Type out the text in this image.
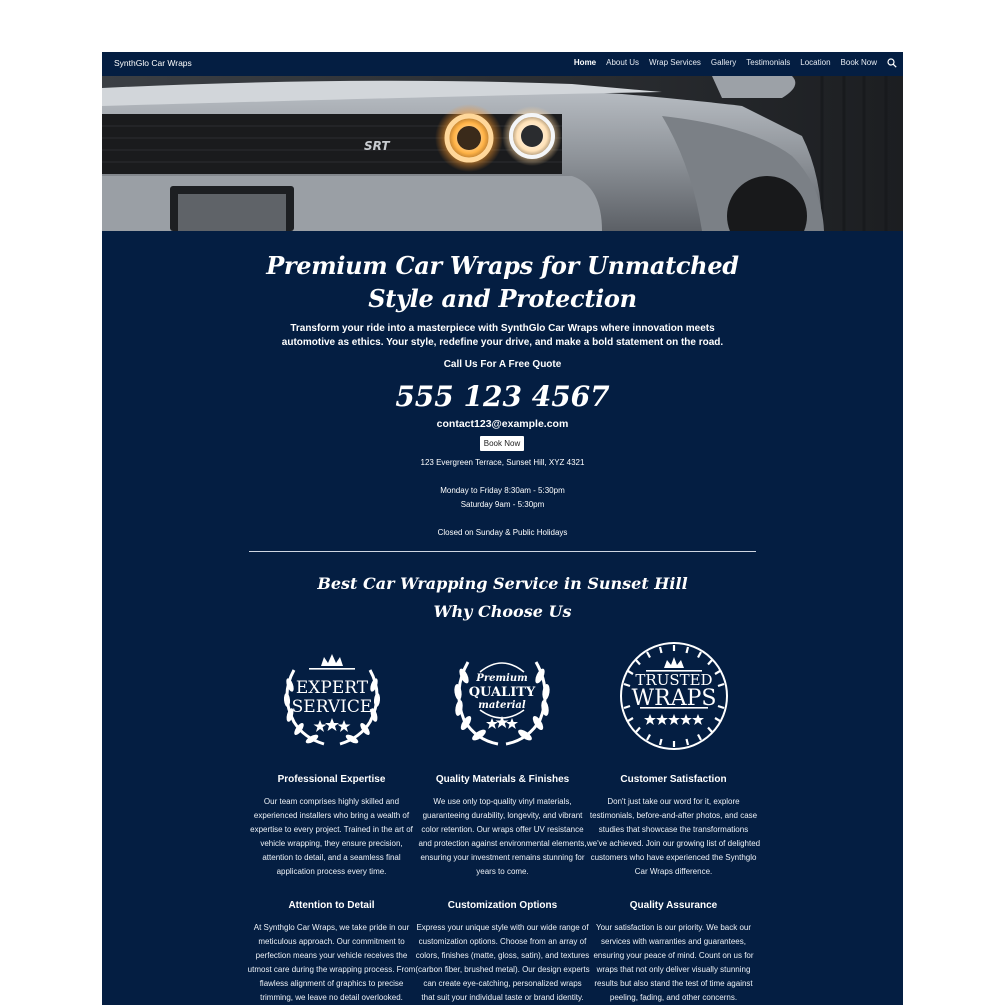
SynthGlo Car Wraps	Home About Us Wrap Services Gallery Testimonials Location Book Now
SRT
Premium Car Wraps for Unmatched
Style and Protection
Transform your ride into a masterpiece with SynthGlo Car Wraps where innovation meets
automotive as ethics. Your style, redefine your drive, and make a bold statement on the road.
Call Us For A Free Quote
555 123 4567
contact123@example.com
Book Now
123 Evergreen Terrace, Sunset Hill, XYZ 4321
Monday to Friday 8:30am - 5:30pm
Saturday 9am - 5:30pm
Closed on Sunday & Public Holidays
Best Car Wrapping Service in Sunset Hill
Why Choose Us
EXPERT
SERVICE
Premium
QUALITY
material
TRUSTED
WRAPS
Professional Expertise
Our team comprises highly skilled and
experienced installers who bring a wealth of
expertise to every project. Trained in the art of
vehicle wrapping, they ensure precision,
attention to detail, and a seamless final
application process every time.
Quality Materials & Finishes
We use only top-quality vinyl materials,
guaranteeing durability, longevity, and vibrant
color retention. Our wraps offer UV resistance
and protection against environmental elements,
ensuring your investment remains stunning for
years to come.
Customer Satisfaction
Don't just take our word for it, explore
testimonials, before-and-after photos, and case
studies that showcase the transformations
we've achieved. Join our growing list of delighted
customers who have experienced the Synthglo
Car Wraps difference.
Attention to Detail
At Synthglo Car Wraps, we take pride in our
meticulous approach. Our commitment to
perfection means your vehicle receives the
utmost care during the wrapping process. From
flawless alignment of graphics to precise
trimming, we leave no detail overlooked.
Customization Options
Express your unique style with our wide range of
customization options. Choose from an array of
colors, finishes (matte, gloss, satin), and textures
(carbon fiber, brushed metal). Our design experts
can create eye-catching, personalized wraps
that suit your individual taste or brand identity.
Quality Assurance
Your satisfaction is our priority. We back our
services with warranties and guarantees,
ensuring your peace of mind. Count on us for
wraps that not only deliver visually stunning
results but also stand the test of time against
peeling, fading, and other concerns.
